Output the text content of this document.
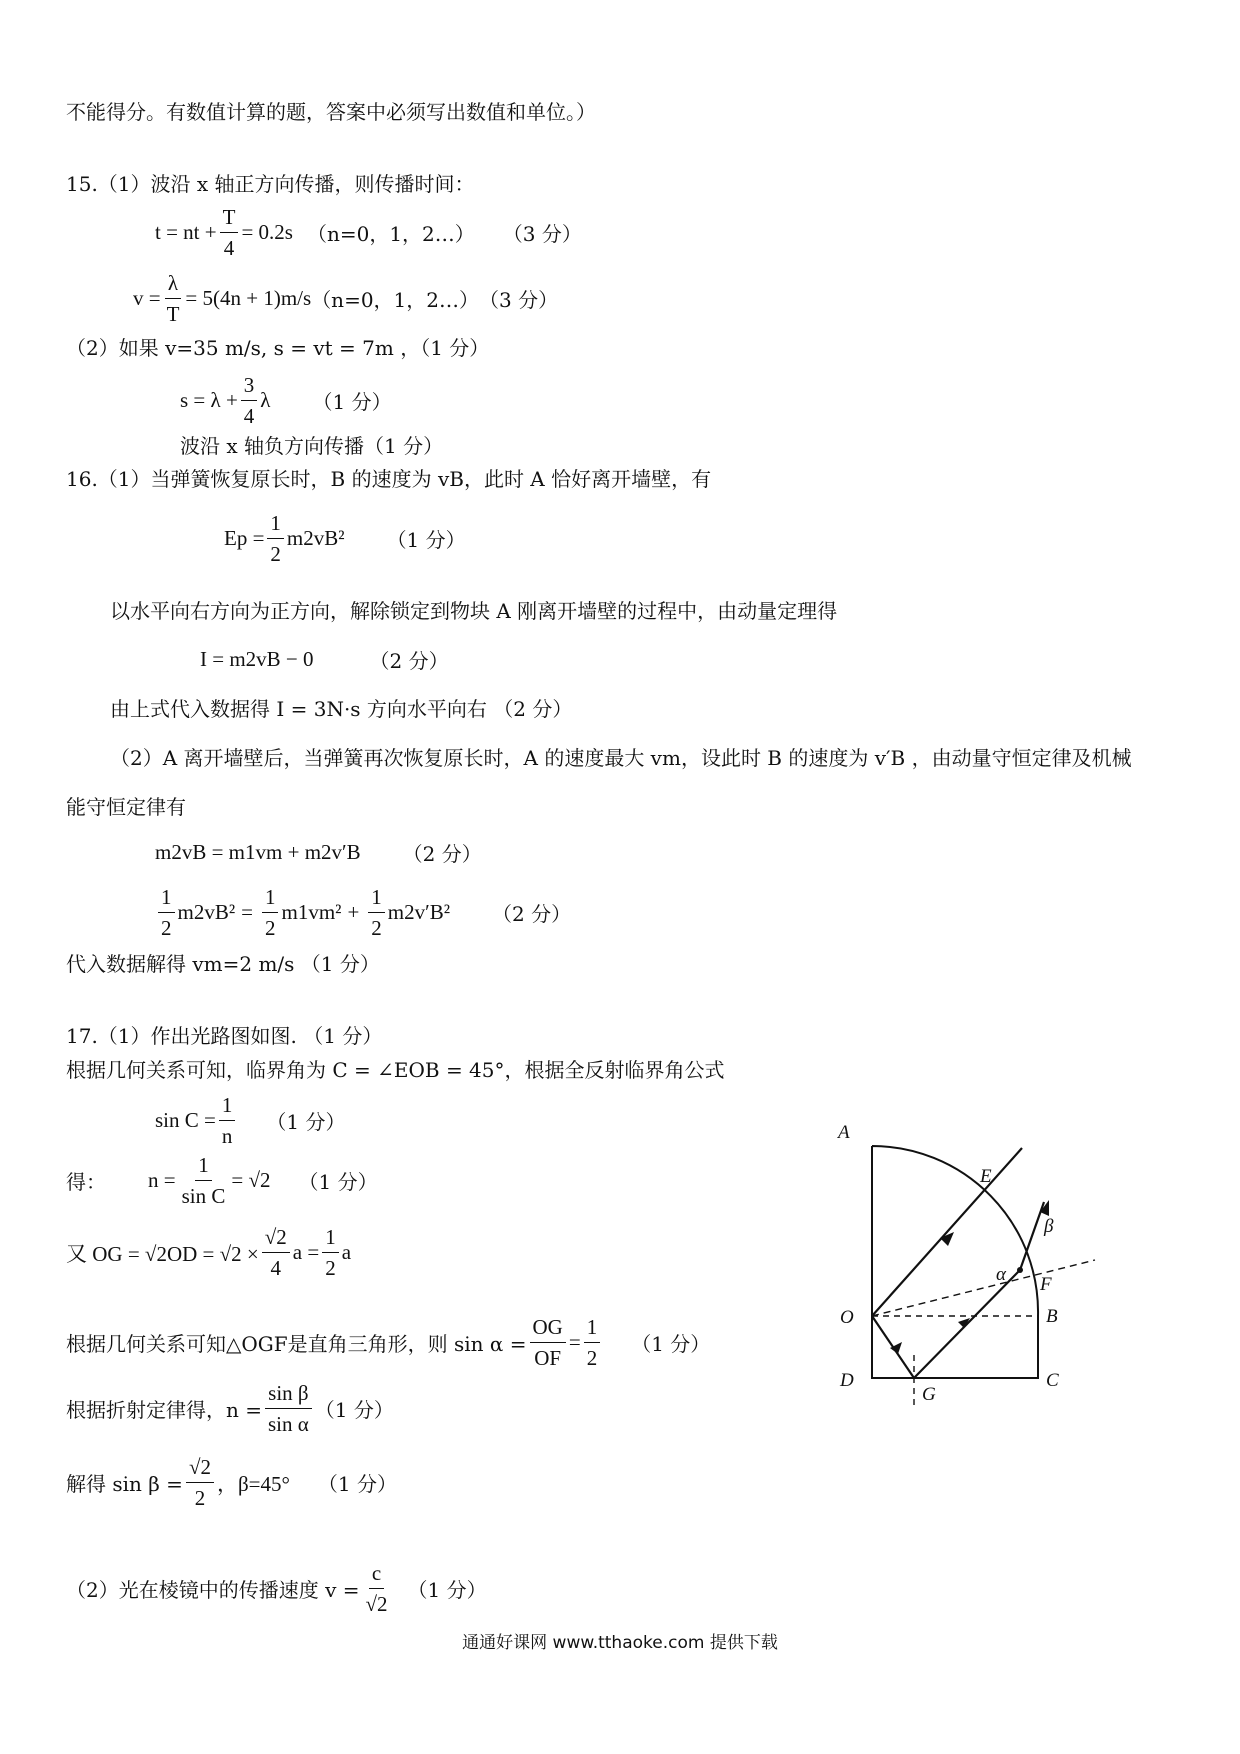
不能得分。有数值计算的题，答案中必须写出数值和单位。）
15.（1）波沿 x 轴正方向传播，则传播时间：
t = nt + $\frac{T}{4} = 0.2s$ （n=0，1，2…） （3 分）
$v = \frac{\lambda}{T} = 5(4n + 1)m/s$ （n=0，1，2…） （3 分）
（2）如果 v=35 m/s, s = vt = 7m ，（1 分）
$s = \lambda + \frac{3}{4}$ λ （1 分）
波沿 x 轴负方向传播（1 分）
16.（1）当弹簧恢复原长时，B 的速度为 vB，此时 A 恰好离开墙壁，有
$Ep = \frac{1}{2} m2vB^2$ （1 分）
以水平向右方向为正方向，解除锁定到物块 A 刚离开墙壁的过程中，由动量定理得
I = m2vB − 0	（2 分）
由上式代入数据得 I = 3N·s 方向水平向右 （2 分）
（2）A 离开墙壁后，当弹簧再次恢复原长时，A 的速度最大 vm，设此时 B 的速度为 v′B ，由动量守恒定律及机械
能守恒定律有
m2vB = m1vm + m2v′B （2 分）
1
2
$m2vB^2 = \frac{1}{2} m1vm^2 + \frac{1}{2} m2v'B^2$ （2 分）
代入数据解得 vm=2 m/s （1 分）
17.（1）作出光路图如图. （1 分）
根据几何关系可知，临界角为 C = ∠EOB = 45°，根据全反射临界角公式
$\sin C = \frac{1}{n} (1$ 分）
得： $n = \frac{1}{\text{sin C}} = √2$ （1 分）
又 OG = $√2OD = √2 \times \frac{√2}{4}$ $a = \frac{1}{2}$ a
根据几何关系可知△OGF是直角三角形，则 $\sin \alpha = \frac{OG}{OF} = \frac{1}{2} (1$ 分）
根据折射定律得，$n = \frac{\text{sin β}}{\text{sin α}} (1$ 分）
解得 $\sin \beta = \frac{√2}{2}$ ，β=45° （1 分）
（2）光在棱镜中的传播速度 $v = \frac{c}{√2} (1$ 分）
A
E
β
α F
O	B
D
G
C
通通好课网 www.tthaoke.com 提供下载
